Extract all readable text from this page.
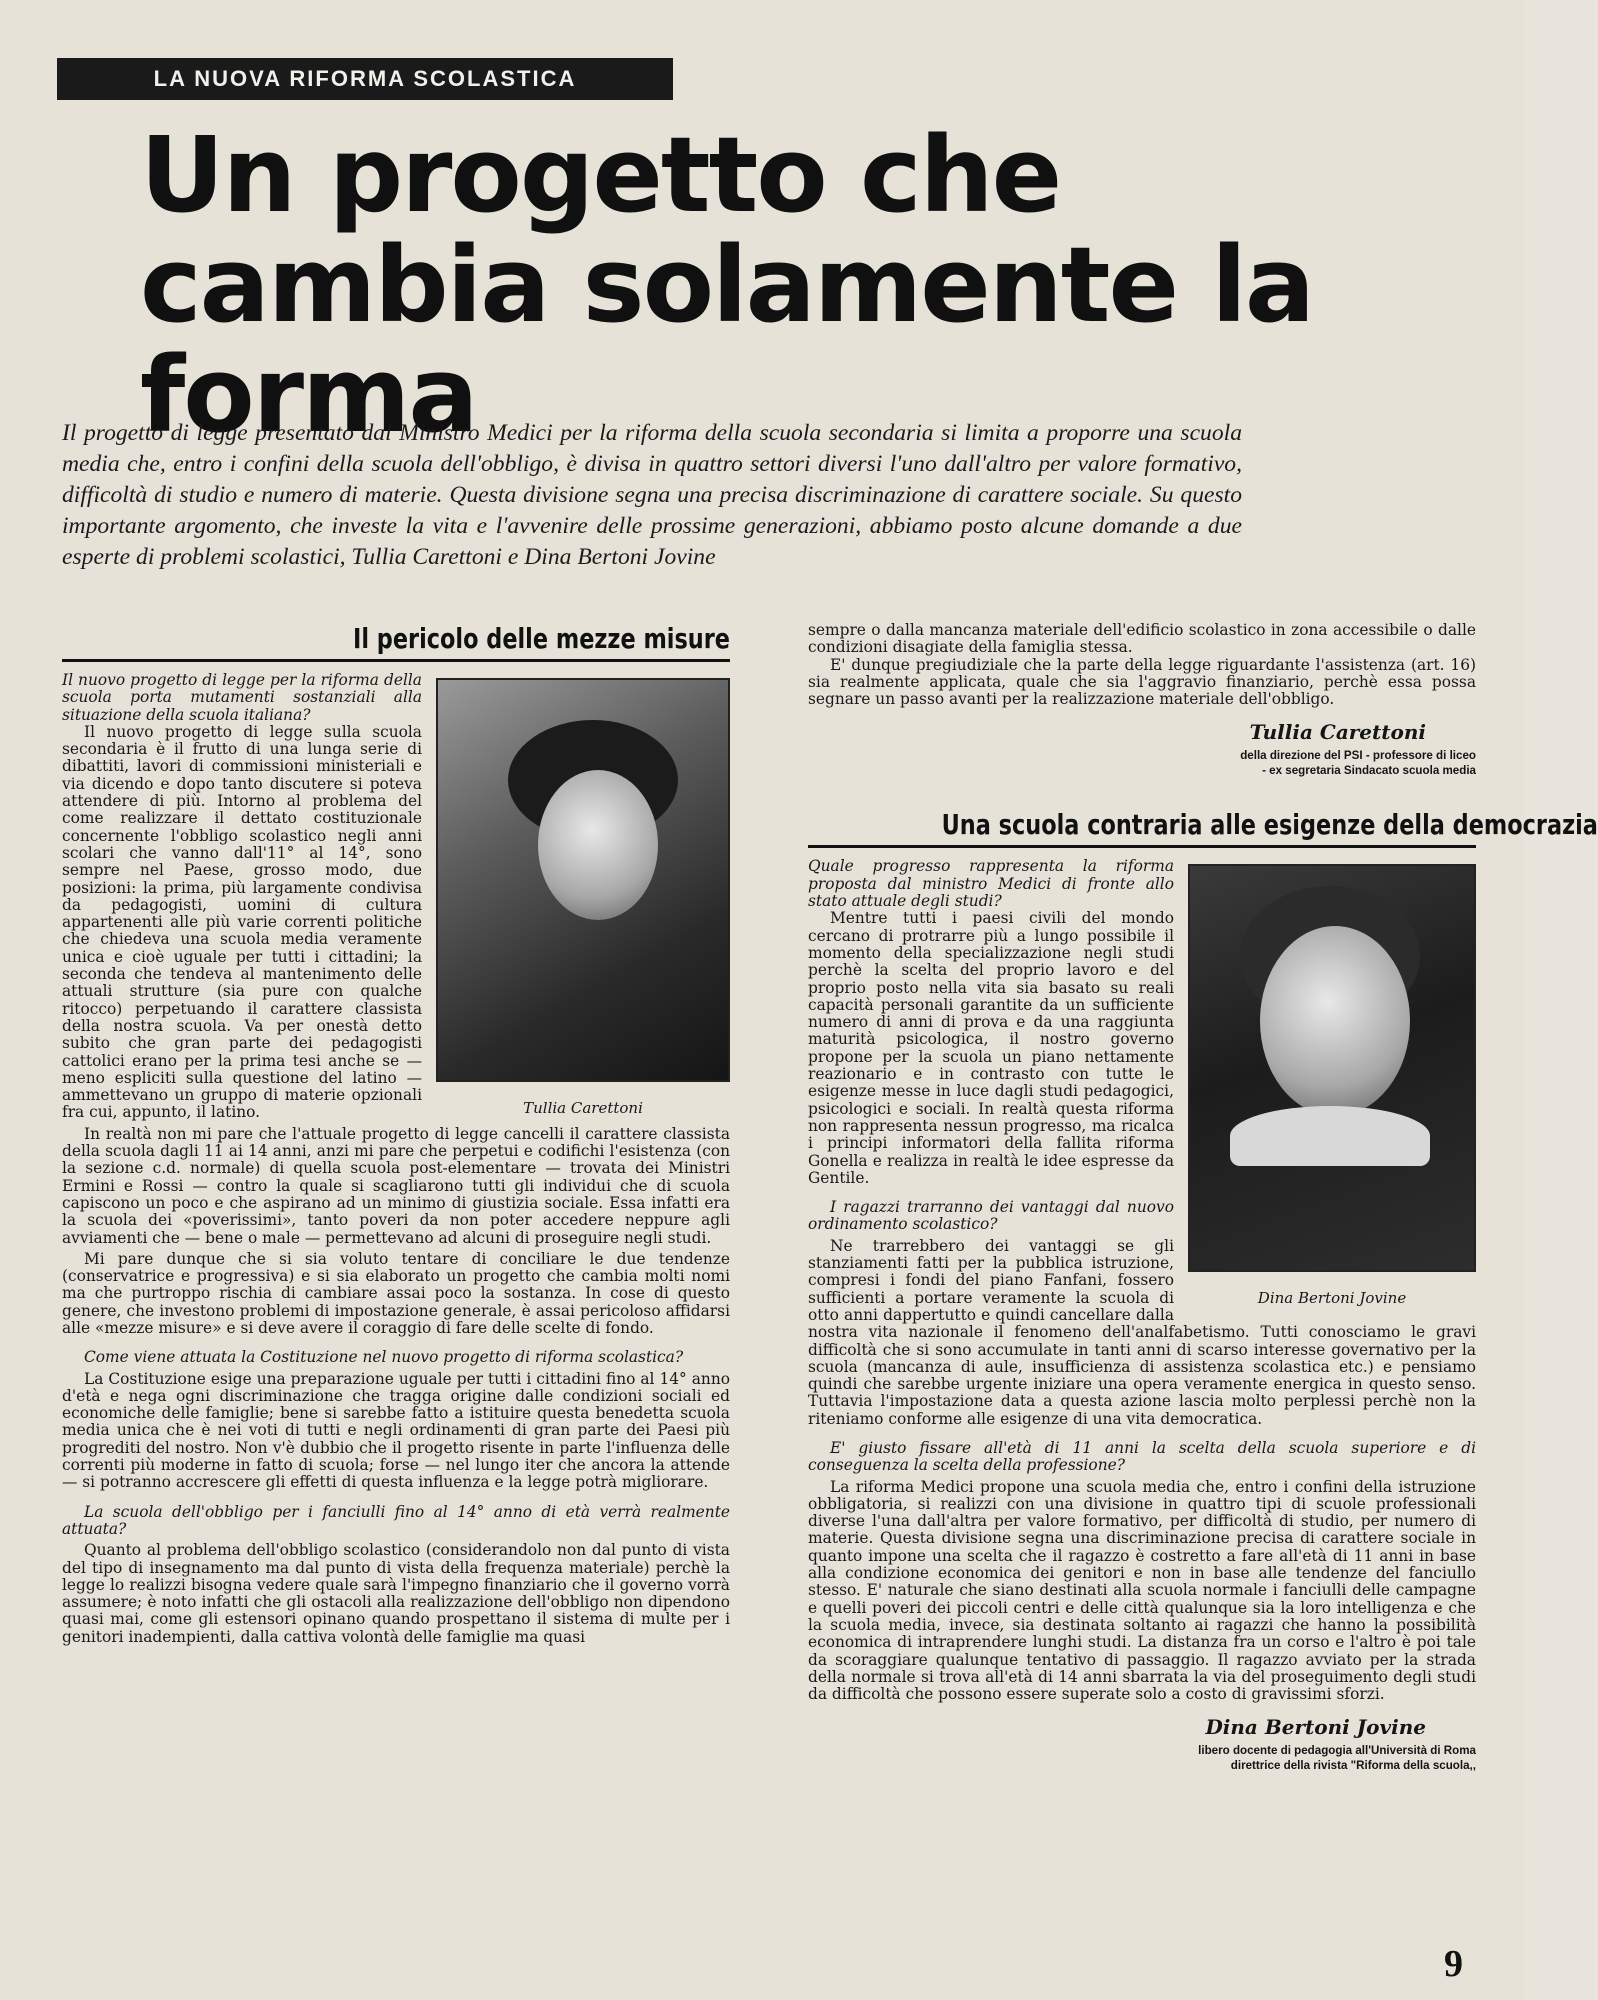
LA NUOVA RIFORMA SCOLASTICA
Un progetto che cambia solamente la forma

Il progetto di legge presentato dal Ministro Medici per la riforma della scuola secondaria si limita a proporre una scuola media che, entro i confini della scuola dell'obbligo, è divisa in quattro settori diversi l'uno dall'altro per valore formativo, difficoltà di studio e numero di materie. Questa divisione segna una precisa discriminazione di carattere sociale. Su questo importante argomento, che investe la vita e l'avvenire delle prossime generazioni, abbiamo posto alcune domande a due esperte di problemi scolastici, Tullia Carettoni e Dina Bertoni Jovine

Il pericolo delle mezze misure
Tullia Carettoni

Il nuovo progetto di legge per la riforma della scuola porta mutamenti sostanziali alla situazione della scuola italiana?

Il nuovo progetto di legge sulla scuola secondaria è il frutto di una lunga serie di dibattiti, lavori di commissioni ministeriali e via dicendo e dopo tanto discutere si poteva attendere di più. Intorno al problema del come realizzare il dettato costituzionale concernente l'obbligo scolastico negli anni scolari che vanno dall'11° al 14°, sono sempre nel Paese, grosso modo, due posizioni: la prima, più largamente condivisa da pedagogisti, uomini di cultura appartenenti alle più varie correnti politiche che chiedeva una scuola media veramente unica e cioè uguale per tutti i cittadini; la seconda che tendeva al mantenimento delle attuali strutture (sia pure con qualche ritocco) perpetuando il carattere classista della nostra scuola. Va per onestà detto subito che gran parte dei pedagogisti cattolici erano per la prima tesi anche se — meno espliciti sulla questione del latino — ammettevano un gruppo di materie opzionali fra cui, appunto, il latino.

In realtà non mi pare che l'attuale progetto di legge cancelli il carattere classista della scuola dagli 11 ai 14 anni, anzi mi pare che perpetui e codifichi l'esistenza (con la sezione c.d. normale) di quella scuola post-elementare — trovata dei Ministri Ermini e Rossi — contro la quale si scagliarono tutti gli individui che di scuola capiscono un poco e che aspirano ad un minimo di giustizia sociale. Essa infatti era la scuola dei «poverissimi», tanto poveri da non poter accedere neppure agli avviamenti che — bene o male — permettevano ad alcuni di proseguire negli studi.

Mi pare dunque che si sia voluto tentare di conciliare le due tendenze (conservatrice e progressiva) e si sia elaborato un progetto che cambia molti nomi ma che purtroppo rischia di cambiare assai poco la sostanza. In cose di questo genere, che investono problemi di impostazione generale, è assai pericoloso affidarsi alle «mezze misure» e si deve avere il coraggio di fare delle scelte di fondo.

Come viene attuata la Costituzione nel nuovo progetto di riforma scolastica?

La Costituzione esige una preparazione uguale per tutti i cittadini fino al 14° anno d'età e nega ogni discriminazione che tragga origine dalle condizioni sociali ed economiche delle famiglie; bene si sarebbe fatto a istituire questa benedetta scuola media unica che è nei voti di tutti e negli ordinamenti di gran parte dei Paesi più progrediti del nostro. Non v'è dubbio che il progetto risente in parte l'influenza delle correnti più moderne in fatto di scuola; forse — nel lungo iter che ancora la attende — si potranno accrescere gli effetti di questa influenza e la legge potrà migliorare.

La scuola dell'obbligo per i fanciulli fino al 14° anno di età verrà realmente attuata?

Quanto al problema dell'obbligo scolastico (considerandolo non dal punto di vista del tipo di insegnamento ma dal punto di vista della frequenza materiale) perchè la legge lo realizzi bisogna vedere quale sarà l'impegno finanziario che il governo vorrà assumere; è noto infatti che gli ostacoli alla realizzazione dell'obbligo non dipendono quasi mai, come gli estensori opinano quando prospettano il sistema di multe per i genitori inadempienti, dalla cattiva volontà delle famiglie ma quasi

sempre o dalla mancanza materiale dell'edificio scolastico in zona accessibile o dalle condizioni disagiate della famiglia stessa.

E' dunque pregiudiziale che la parte della legge riguardante l'assistenza (art. 16) sia realmente applicata, quale che sia l'aggravio finanziario, perchè essa possa segnare un passo avanti per la realizzazione materiale dell'obbligo.

Tullia Carettoni
della direzione del PSI - professore di liceo
- ex segretaria Sindacato scuola media
Una scuola contraria alle esigenze della democrazia
Dina Bertoni Jovine

Quale progresso rappresenta la riforma proposta dal ministro Medici di fronte allo stato attuale degli studi?

Mentre tutti i paesi civili del mondo cercano di protrarre più a lungo possibile il momento della specializzazione negli studi perchè la scelta del proprio lavoro e del proprio posto nella vita sia basato su reali capacità personali garantite da un sufficiente numero di anni di prova e da una raggiunta maturità psicologica, il nostro governo propone per la scuola un piano nettamente reazionario e in contrasto con tutte le esigenze messe in luce dagli studi pedagogici, psicologici e sociali. In realtà questa riforma non rappresenta nessun progresso, ma ricalca i principi informatori della fallita riforma Gonella e realizza in realtà le idee espresse da Gentile.

I ragazzi trarranno dei vantaggi dal nuovo ordinamento scolastico?

Ne trarrebbero dei vantaggi se gli stanziamenti fatti per la pubblica istruzione, compresi i fondi del piano Fanfani, fossero sufficienti a portare veramente la scuola di otto anni dappertutto e quindi cancellare dalla nostra vita nazionale il fenomeno dell'analfabetismo. Tutti conosciamo le gravi difficoltà che si sono accumulate in tanti anni di scarso interesse governativo per la scuola (mancanza di aule, insufficienza di assistenza scolastica etc.) e pensiamo quindi che sarebbe urgente iniziare una opera veramente energica in questo senso. Tuttavia l'impostazione data a questa azione lascia molto perplessi perchè non la riteniamo conforme alle esigenze di una vita democratica.

E' giusto fissare all'età di 11 anni la scelta della scuola superiore e di conseguenza la scelta della professione?

La riforma Medici propone una scuola media che, entro i confini della istruzione obbligatoria, si realizzi con una divisione in quattro tipi di scuole professionali diverse l'una dall'altra per valore formativo, per difficoltà di studio, per numero di materie. Questa divisione segna una discriminazione precisa di carattere sociale in quanto impone una scelta che il ragazzo è costretto a fare all'età di 11 anni in base alla condizione economica dei genitori e non in base alle tendenze del fanciullo stesso. E' naturale che siano destinati alla scuola normale i fanciulli delle campagne e quelli poveri dei piccoli centri e delle città qualunque sia la loro intelligenza e che la scuola media, invece, sia destinata soltanto ai ragazzi che hanno la possibilità economica di intraprendere lunghi studi. La distanza fra un corso e l'altro è poi tale da scoraggiare qualunque tentativo di passaggio. Il ragazzo avviato per la strada della normale si trova all'età di 14 anni sbarrata la via del proseguimento degli studi da difficoltà che possono essere superate solo a costo di gravissimi sforzi.

Dina Bertoni Jovine
libero docente di pedagogia all'Università di Roma
direttrice della rivista "Riforma della scuola,,
9
